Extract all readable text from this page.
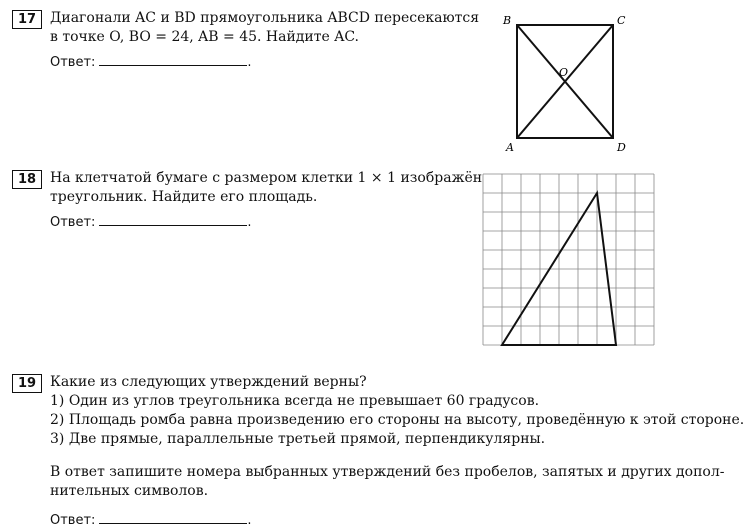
17 Диагонали AC и BD прямоугольника ABCD пересекаются
в точке O, BO = 24, AB = 45. Найдите AC.
Ответ:	.
B	C
O
A	D
18 На клетчатой бумаге с размером клетки 1 × 1 изображён
треугольник. Найдите его площадь.
Ответ:	.
19 Какие из следующих утверждений верны?
1) Один из углов треугольника всегда не превышает 60 градусов.
2) Площадь ромба равна произведению его стороны на высоту, проведённую к этой стороне.
3) Две прямые, параллельные третьей прямой, перпендикулярны.
В ответ запишите номера выбранных утверждений без пробелов, запятых и других допол-
нительных символов.
Ответ:	.
